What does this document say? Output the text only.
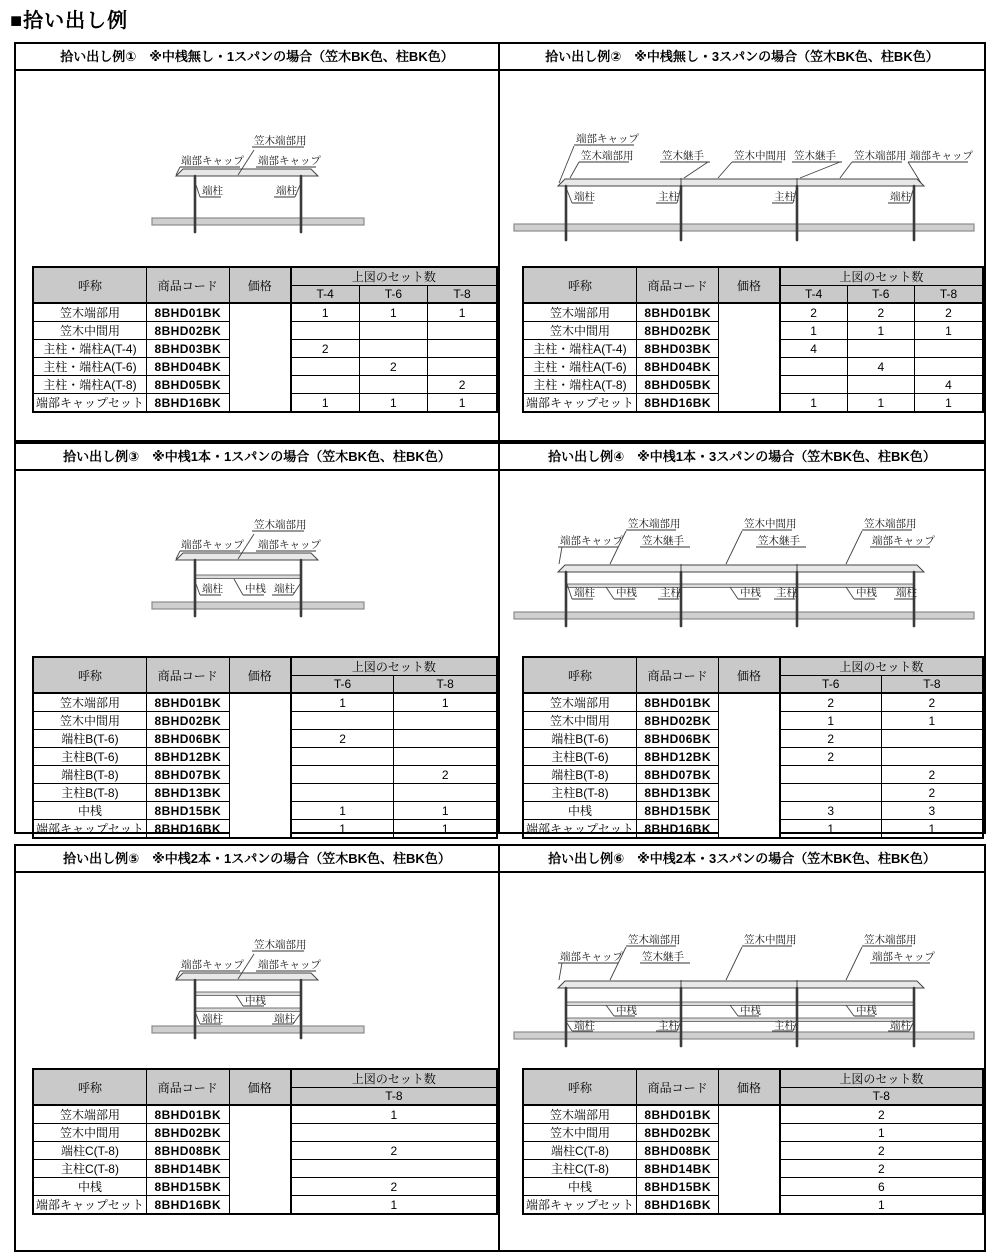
■拾い出し例
拾い出し例①　※中桟無し・1スパンの場合（笠木BK色、柱BK色）
端部キャップ
笠木端部用
端部キャップ
端柱	端柱
呼称	商品コード	価格	上図のセット数		
			T-4	T-6	T-8
笠木端部用	8BHD01BK		1	1	1
笠木中間用	8BHD02BK				
主柱・端柱A(T-4)	8BHD03BK		2		
主柱・端柱A(T-6)	8BHD04BK			2	
主柱・端柱A(T-8)	8BHD05BK				2
端部キャップセット	8BHD16BK		1	1	1
拾い出し例②　※中桟無し・3スパンの場合（笠木BK色、柱BK色）
端部キャップ
笠木端部用	笠木継手	笠木中間用 笠木継手 笠木端部用 端部キャップ
端柱	主柱	主柱	端柱
呼称	商品コード	価格	上図のセット数		
			T-4	T-6	T-8
笠木端部用	8BHD01BK		2	2	2
笠木中間用	8BHD02BK		1	1	1
主柱・端柱A(T-4)	8BHD03BK		4		
主柱・端柱A(T-6)	8BHD04BK			4	
主柱・端柱A(T-8)	8BHD05BK				4
端部キャップセット	8BHD16BK		1	1	1
拾い出し例③　※中桟1本・1スパンの場合（笠木BK色、柱BK色）
端部キャップ
笠木端部用
端部キャップ
端柱 中桟 端柱
呼称	商品コード	価格	上図のセット数	
			T-6	T-8
笠木端部用	8BHD01BK		1	1
笠木中間用	8BHD02BK			
端柱B(T-6)	8BHD06BK		2	
主柱B(T-6)	8BHD12BK			
端柱B(T-8)	8BHD07BK			2
主柱B(T-8)	8BHD13BK			
中桟	8BHD15BK		1	1
端部キャップセット	8BHD16BK		1	1
拾い出し例④　※中桟1本・3スパンの場合（笠木BK色、柱BK色）
笠木端部用	笠木中間用	笠木端部用
端部キャップ 笠木継手	笠木継手	端部キャップ
端柱 中桟 主柱	中桟 主柱	中桟 端柱
呼称	商品コード	価格	上図のセット数	
			T-6	T-8
笠木端部用	8BHD01BK		2	2
笠木中間用	8BHD02BK		1	1
端柱B(T-6)	8BHD06BK		2	
主柱B(T-6)	8BHD12BK		2	
端柱B(T-8)	8BHD07BK			2
主柱B(T-8)	8BHD13BK			2
中桟	8BHD15BK		3	3
端部キャップセット	8BHD16BK		1	1
拾い出し例⑤　※中桟2本・1スパンの場合（笠木BK色、柱BK色）
端部キャップ
笠木端部用
端部キャップ
中桟
端柱	端柱
呼称	商品コード	価格	上図のセット数
			T-8
笠木端部用	8BHD01BK		1
笠木中間用	8BHD02BK		
端柱C(T-8)	8BHD08BK		2
主柱C(T-8)	8BHD14BK		
中桟	8BHD15BK		2
端部キャップセット	8BHD16BK		1
拾い出し例⑥　※中桟2本・3スパンの場合（笠木BK色、柱BK色）
笠木端部用	笠木中間用	笠木端部用
端部キャップ 笠木継手	端部キャップ
中桟	中桟	中桟
端柱	主柱	主柱	端柱
呼称	商品コード	価格	上図のセット数
			T-8
笠木端部用	8BHD01BK		2
笠木中間用	8BHD02BK		1
端柱C(T-8)	8BHD08BK		2
主柱C(T-8)	8BHD14BK		2
中桟	8BHD15BK		6
端部キャップセット	8BHD16BK		1
